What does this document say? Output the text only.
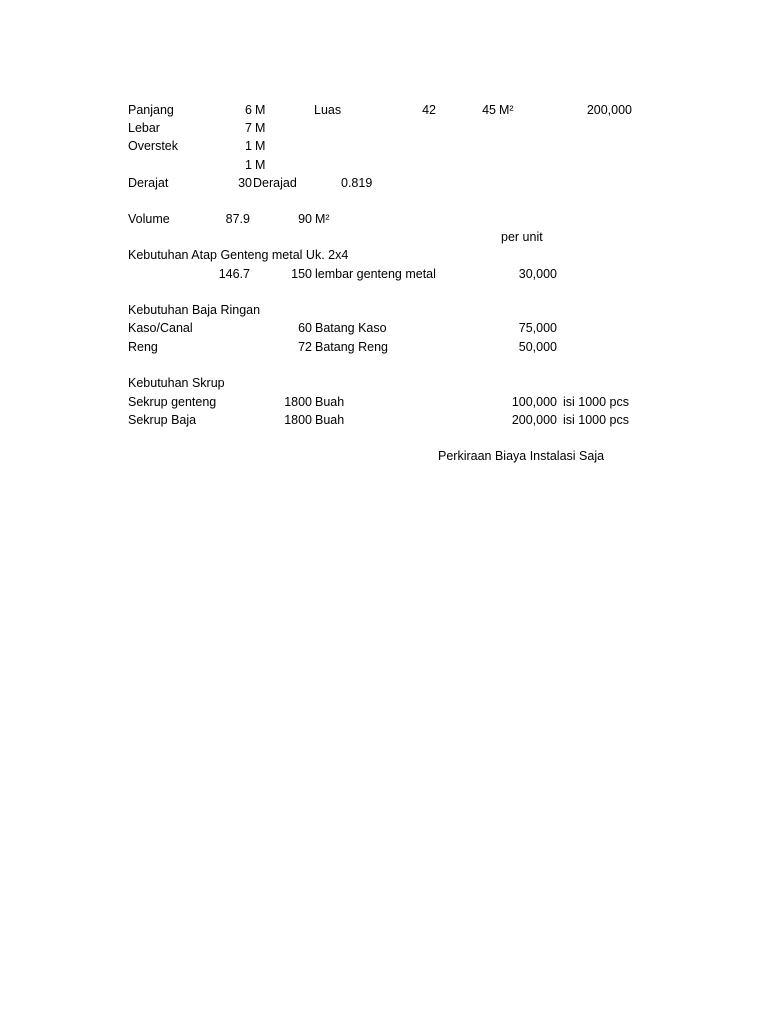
Panjang	6 M	Luas	42	45 M²	200,000
Lebar	7 M
Overstek	1 M
1 M
Derajat	30 Derajad	0.819
Volume	87.9	90 M²
per unit
Kebutuhan Atap Genteng metal Uk. 2x4
146.7	150 lembar genteng metal	30,000
Kebutuhan Baja Ringan
Kaso/Canal	60 Batang Kaso	75,000
Reng	72 Batang Reng	50,000
Kebutuhan Skrup
Sekrup genteng	1800 Buah	100,000 isi 1000 pcs
Sekrup Baja	1800 Buah	200,000 isi 1000 pcs
Perkiraan Biaya Instalasi Saja
